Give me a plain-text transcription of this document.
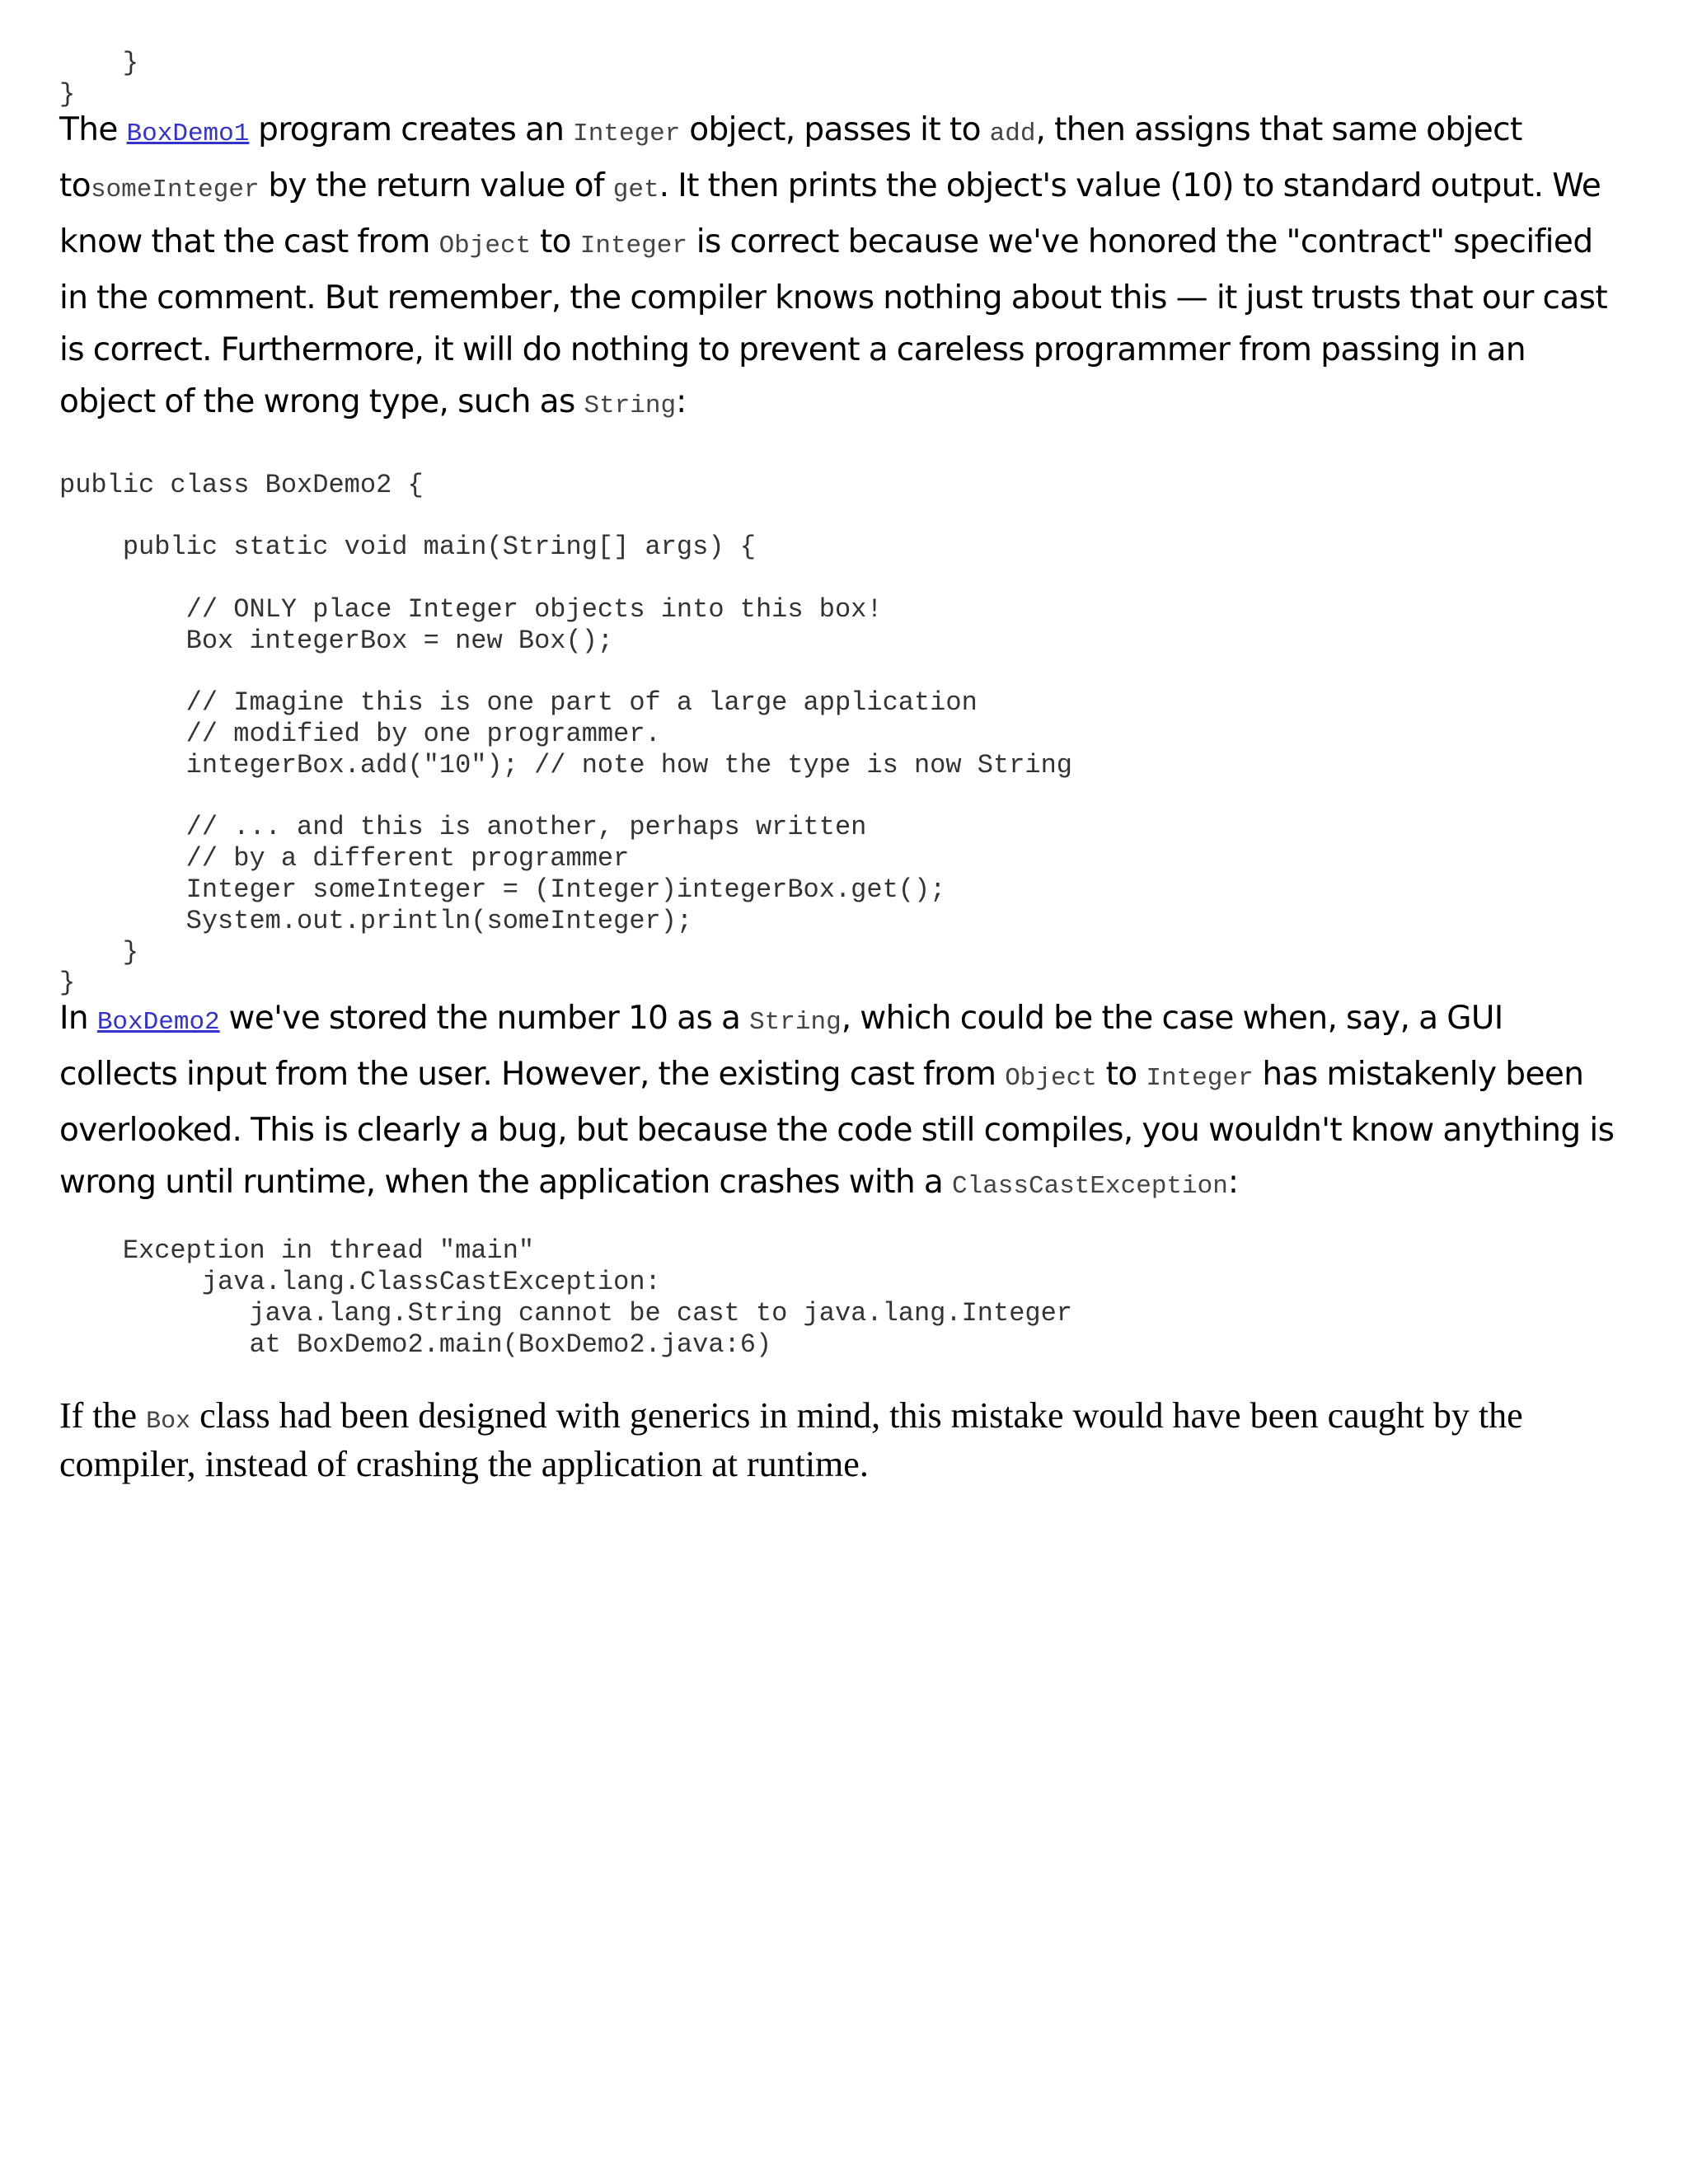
}
}

The BoxDemo1 program creates an Integer object, passes it to add, then assigns that same object tosomeInteger by the return value of get. It then prints the object's value (10) to standard output. We know that the cast from Object to Integer is correct because we've honored the "contract" specified in the comment. But remember, the compiler knows nothing about this — it just trusts that our cast is correct. Furthermore, it will do nothing to prevent a careless programmer from passing in an object of the wrong type, such as String:

public class BoxDemo2 {
public static void main(String[] args) {
// ONLY place Integer objects into this box!
Box integerBox = new Box();
// Imagine this is one part of a large application
// modified by one programmer.
integerBox.add("10"); // note how the type is now String
// ... and this is another, perhaps written
// by a different programmer
Integer someInteger = (Integer)integerBox.get();
System.out.println(someInteger);
}
}

In BoxDemo2 we've stored the number 10 as a String, which could be the case when, say, a GUI collects input from the user. However, the existing cast from Object to Integer has mistakenly been overlooked. This is clearly a bug, but because the code still compiles, you wouldn't know anything is wrong until runtime, when the application crashes with a ClassCastException:

Exception in thread "main"
java.lang.ClassCastException:
java.lang.String cannot be cast to java.lang.Integer
at BoxDemo2.main(BoxDemo2.java:6)

If the Box class had been designed with generics in mind, this mistake would have been caught by the compiler, instead of crashing the application at runtime.
